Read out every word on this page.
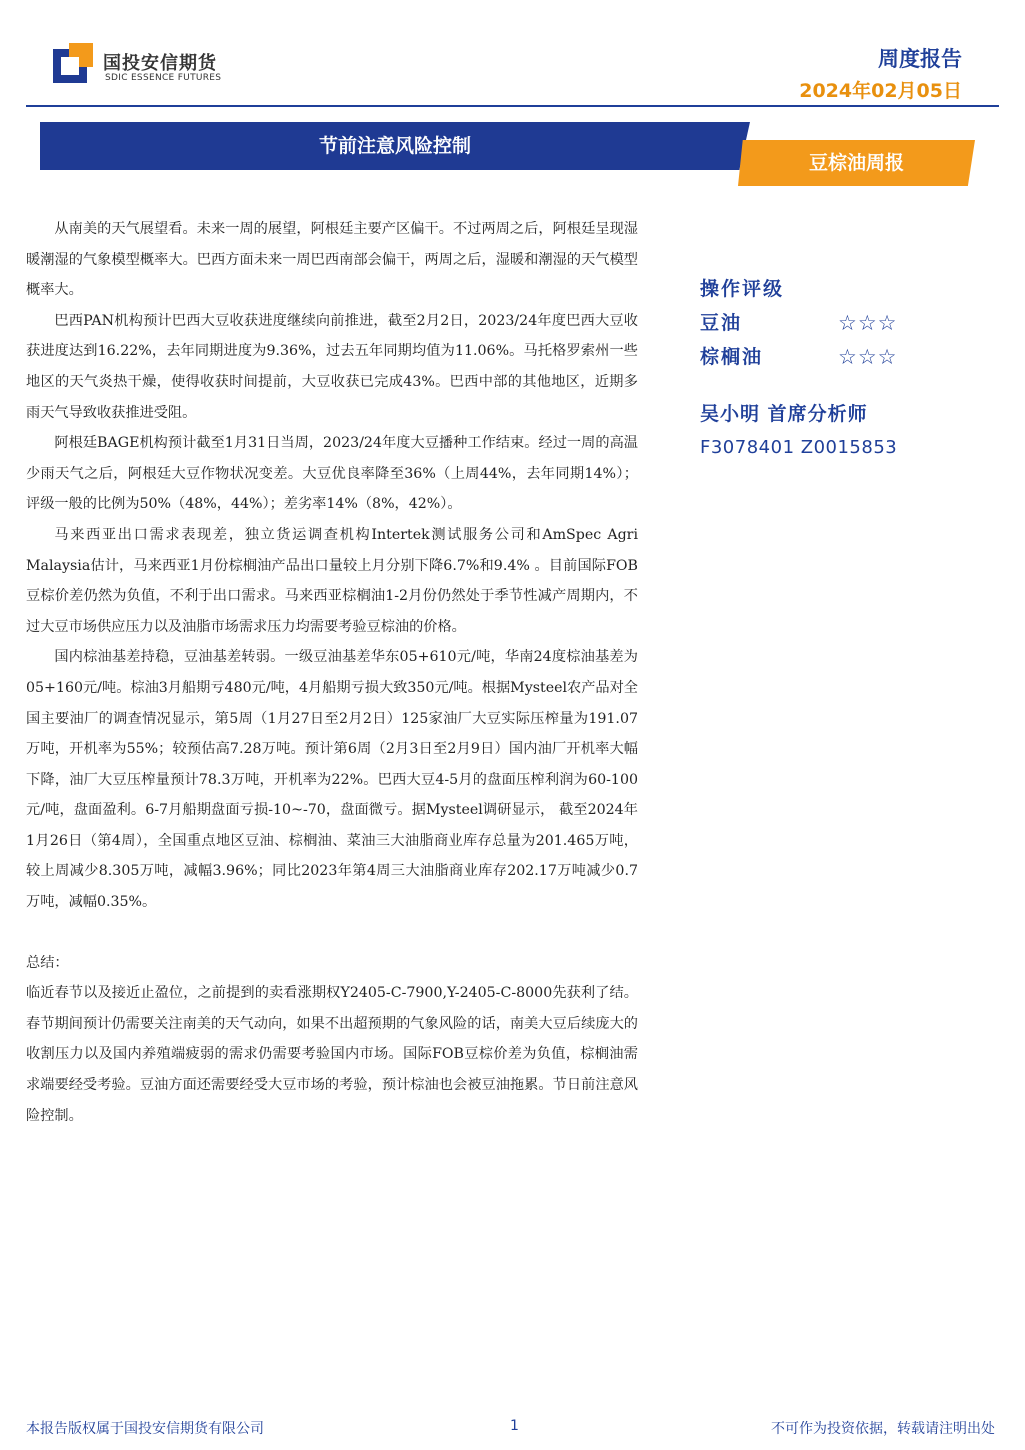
国投安信期货
SDIC ESSENCE FUTURES
周度报告
2024年02月05日
节前注意风险控制
豆棕油周报

从南美的天气展望看。未来一周的展望，阿根廷主要产区偏干。不过两周之后，阿根廷呈现湿暖潮湿的气象模型概率大。巴西方面未来一周巴西南部会偏干，两周之后，湿暖和潮湿的天气模型概率大。

巴西PAN机构预计巴西大豆收获进度继续向前推进，截至2月2日，2023/24年度巴西大豆收获进度达到16.22%，去年同期进度为9.36%，过去五年同期均值为11.06%。马托格罗索州一些地区的天气炎热干燥，使得收获时间提前，大豆收获已完成43%。巴西中部的其他地区，近期多雨天气导致收获推进受阻。

阿根廷BAGE机构预计截至1月31日当周，2023/24年度大豆播种工作结束。经过一周的高温少雨天气之后，阿根廷大豆作物状况变差。大豆优良率降至36%（上周44%，去年同期14%）；评级一般的比例为50%（48%，44%）；差劣率14%（8%，42%）。

马来西亚出口需求表现差，独立货运调查机构Intertek测试服务公司和AmSpec Agri Malaysia估计，马来西亚1月份棕榈油产品出口量较上月分别下降6.7%和9.4% 。目前国际FOB豆棕价差仍然为负值，不利于出口需求。马来西亚棕榈油1-2月份仍然处于季节性减产周期内，不过大豆市场供应压力以及油脂市场需求压力均需要考验豆棕油的价格。

国内棕油基差持稳，豆油基差转弱。一级豆油基差华东05+610元/吨，华南24度棕油基差为05+160元/吨。棕油3月船期亏480元/吨，4月船期亏损大致350元/吨。根据Mysteel农产品对全国主要油厂的调查情况显示，第5周（1月27日至2月2日）125家油厂大豆实际压榨量为191.07万吨，开机率为55%；较预估高7.28万吨。预计第6周（2月3日至2月9日）国内油厂开机率大幅下降，油厂大豆压榨量预计78.3万吨，开机率为22%。巴西大豆4-5月的盘面压榨利润为60-100元/吨，盘面盈利。6-7月船期盘面亏损-10~-70，盘面微亏。据Mysteel调研显示， 截至2024年1月26日（第4周），全国重点地区豆油、棕榈油、菜油三大油脂商业库存总量为201.465万吨，较上周减少8.305万吨，减幅3.96%；同比2023年第4周三大油脂商业库存202.17万吨减少0.7万吨，减幅0.35%。

总结：

临近春节以及接近止盈位，之前提到的卖看涨期权Y2405-C-7900,Y-2405-C-8000先获利了结。春节期间预计仍需要关注南美的天气动向，如果不出超预期的气象风险的话，南美大豆后续庞大的收割压力以及国内养殖端疲弱的需求仍需要考验国内市场。国际FOB豆棕价差为负值，棕榈油需求端要经受考验。豆油方面还需要经受大豆市场的考验，预计棕油也会被豆油拖累。节日前注意风险控制。

操作评级
豆油	☆☆☆
棕榈油	☆☆☆
吴小明 首席分析师
F3078401 Z0015853
本报告版权属于国投安信期货有限公司	1	不可作为投资依据，转载请注明出处
